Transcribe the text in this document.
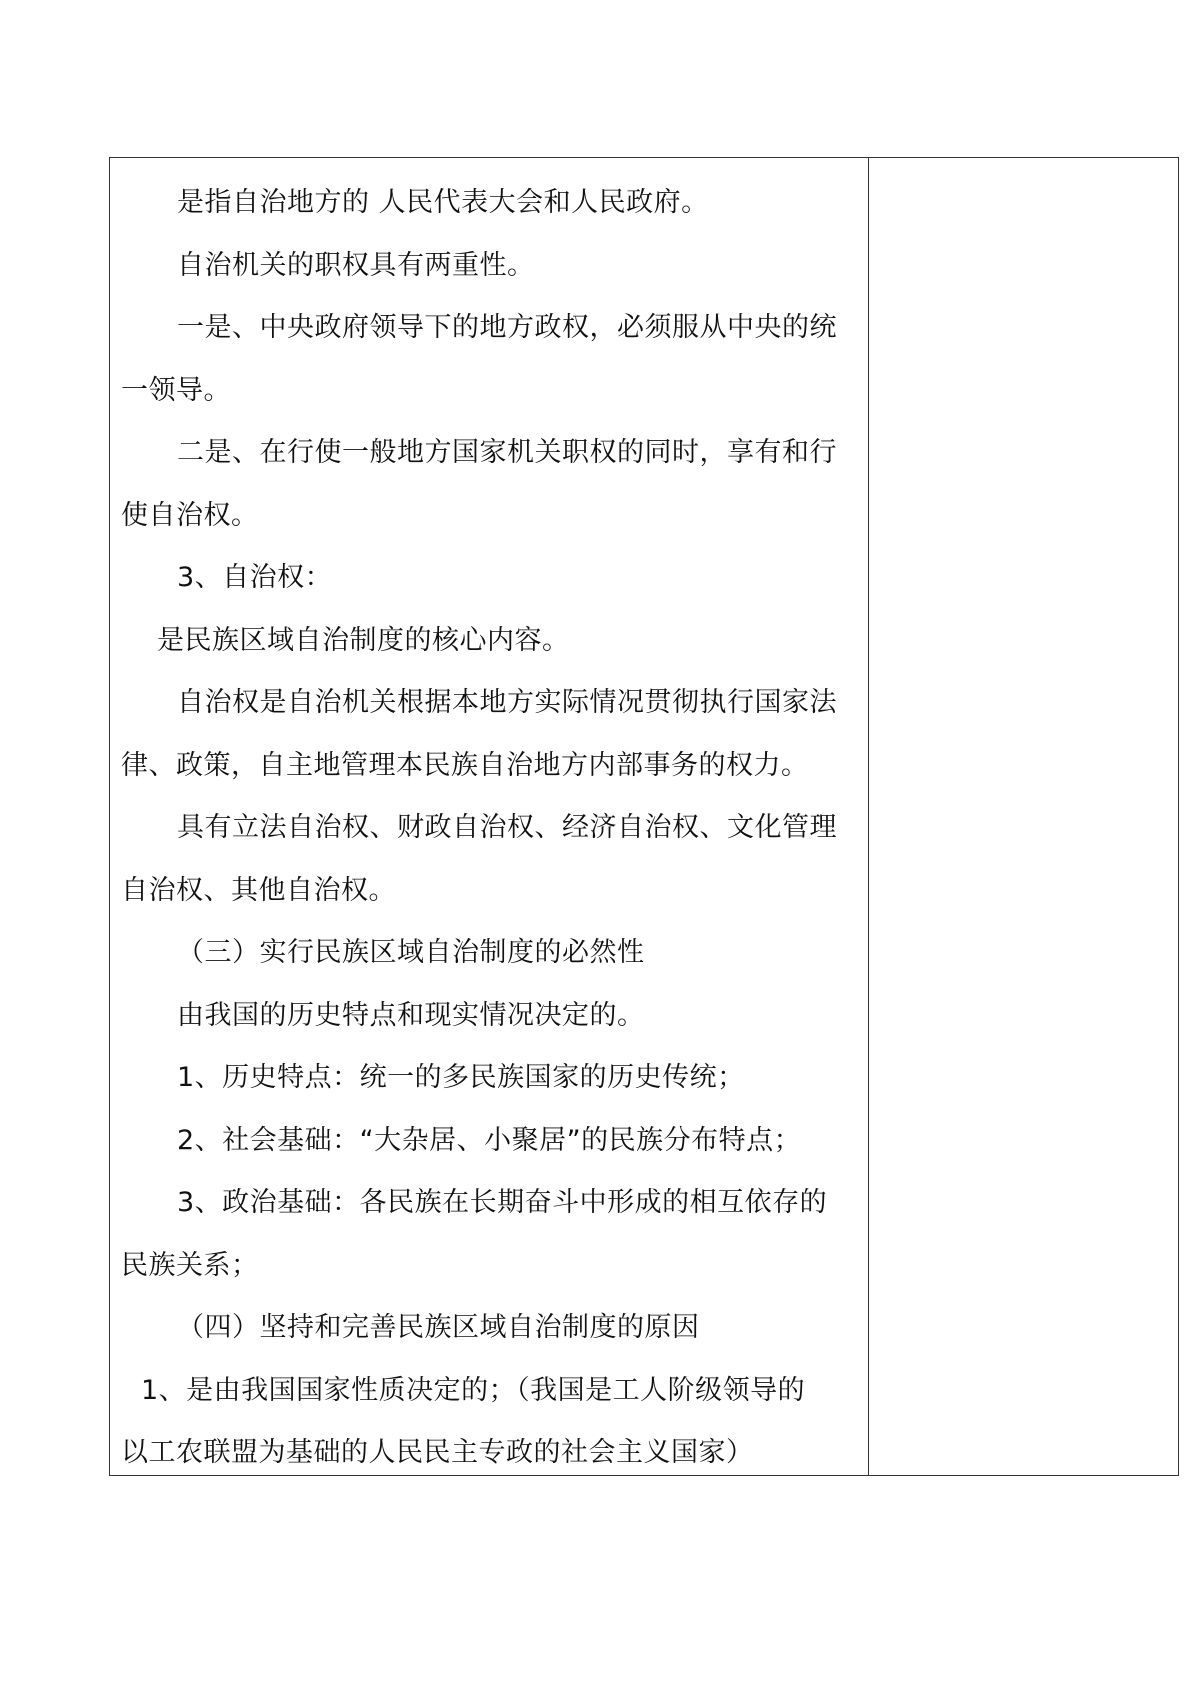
是指自治地方的 人民代表大会和人民政府。
自治机关的职权具有两重性。
一是、中央政府领导下的地方政权，必须服从中央的统
一领导。
二是、在行使一般地方国家机关职权的同时，享有和行
使自治权。
3、自治权：
是民族区域自治制度的核心内容。
自治权是自治机关根据本地方实际情况贯彻执行国家法
律、政策，自主地管理本民族自治地方内部事务的权力。
具有立法自治权、财政自治权、经济自治权、文化管理
自治权、其他自治权。
（三）实行民族区域自治制度的必然性
由我国的历史特点和现实情况决定的。
1、历史特点：统一的多民族国家的历史传统；
2、社会基础：“大杂居、小聚居”的民族分布特点；
3、政治基础：各民族在长期奋斗中形成的相互依存的
民族关系；
（四）坚持和完善民族区域自治制度的原因
1、是由我国国家性质决定的；（我国是工人阶级领导的
以工农联盟为基础的人民民主专政的社会主义国家）
